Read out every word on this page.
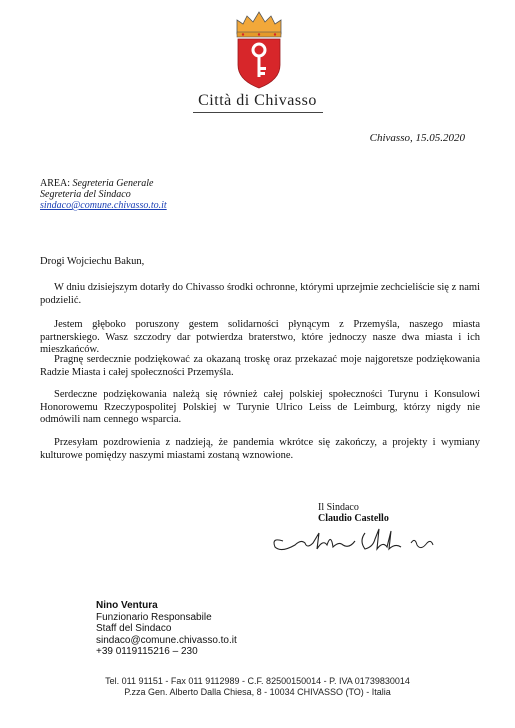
Città di Chivasso
Chivasso, 15.05.2020
AREA: Segreteria Generale
Segreteria del Sindaco
sindaco@comune.chivasso.to.it
Drogi Wojciechu Bakun,
W dniu dzisiejszym dotarły do Chivasso środki ochronne, którymi uprzejmie zechcieliście się z nami podzielić.
Jestem głęboko poruszony gestem solidarności płynącym z Przemyśla, naszego miasta partnerskiego. Wasz szczodry dar potwierdza braterstwo, które jednoczy nasze dwa miasta i ich mieszkańców.
Pragnę serdecznie podziękować za okazaną troskę oraz przekazać moje najgoretsze podziękowania Radzie Miasta i całej społeczności Przemyśla.
Serdeczne podziękowania należą się również całej polskiej społeczności Turynu i Konsulowi Honorowemu Rzeczypospolitej Polskiej w Turynie Ulrico Leiss de Leimburg, którzy nigdy nie odmówili nam cennego wsparcia.
Przesyłam pozdrowienia z nadzieją, że pandemia wkrótce się zakończy, a projekty i wymiany kulturowe pomiędzy naszymi miastami zostaną wznowione.
Il Sindaco
Claudio Castello
Nino Ventura
Funzionario Responsabile
Staff del Sindaco
sindaco@comune.chivasso.to.it
+39 0119115216 – 230
Tel. 011 91151 - Fax 011 9112989 - C.F. 82500150014 - P. IVA 01739830014
P.zza Gen. Alberto Dalla Chiesa, 8 - 10034 CHIVASSO (TO) - Italia
